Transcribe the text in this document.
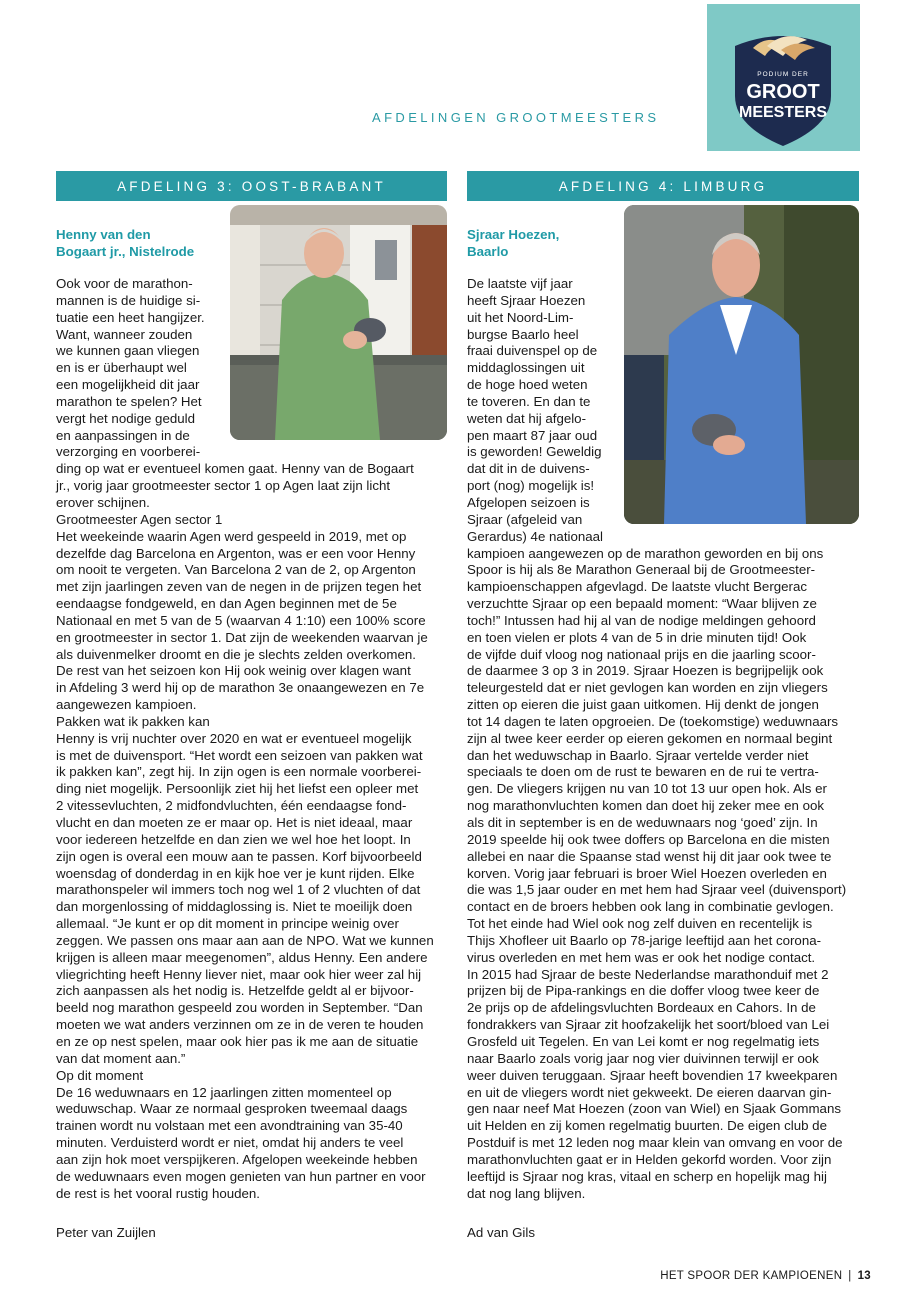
AFDELINGEN GROOTMEESTERS
PODIUM DER
GROOT
MEESTERS
AFDELING 3: OOST-BRABANT	AFDELING 4: LIMBURG
Henny van den
Bogaart jr., Nistelrode
Sjraar Hoezen,
Baarlo
Ook voor de marathon-
mannen is de huidige si-
tuatie een heet hangijzer.
Want, wanneer zouden
we kunnen gaan vliegen
en is er überhaupt wel
een mogelijkheid dit jaar
marathon te spelen? Het
vergt het nodige geduld
en aanpassingen in de
verzorging en voorberei-
ding op wat er eventueel komen gaat. Henny van de Bogaart
jr., vorig jaar grootmeester sector 1 op Agen laat zijn licht
erover schijnen.
Grootmeester Agen sector 1
Het weekeinde waarin Agen werd gespeeld in 2019, met op
dezelfde dag Barcelona en Argenton, was er een voor Henny
om nooit te vergeten. Van Barcelona 2 van de 2, op Argenton
met zijn jaarlingen zeven van de negen in de prijzen tegen het
eendaagse fondgeweld, en dan Agen beginnen met de 5e
Nationaal en met 5 van de 5 (waarvan 4 1:10) een 100% score
en grootmeester in sector 1. Dat zijn de weekenden waarvan je
als duivenmelker droomt en die je slechts zelden overkomen.
De rest van het seizoen kon Hij ook weinig over klagen want
in Afdeling 3 werd hij op de marathon 3e onaangewezen en 7e
aangewezen kampioen.
Pakken wat ik pakken kan
Henny is vrij nuchter over 2020 en wat er eventueel mogelijk
is met de duivensport. “Het wordt een seizoen van pakken wat
ik pakken kan”, zegt hij. In zijn ogen is een normale voorberei-
ding niet mogelijk. Persoonlijk ziet hij het liefst een opleer met
2 vitessevluchten, 2 midfondvluchten, één eendaagse fond-
vlucht en dan moeten ze er maar op. Het is niet ideaal, maar
voor iedereen hetzelfde en dan zien we wel hoe het loopt. In
zijn ogen is overal een mouw aan te passen. Korf bijvoorbeeld
woensdag of donderdag in en kijk hoe ver je kunt rijden. Elke
marathonspeler wil immers toch nog wel 1 of 2 vluchten of dat
dan morgenlossing of middaglossing is. Niet te moeilijk doen
allemaal. “Je kunt er op dit moment in principe weinig over
zeggen. We passen ons maar aan aan de NPO. Wat we kunnen
krijgen is alleen maar meegenomen”, aldus Henny. Een andere
vliegrichting heeft Henny liever niet, maar ook hier weer zal hij
zich aanpassen als het nodig is. Hetzelfde geldt al er bijvoor-
beeld nog marathon gespeeld zou worden in September. “Dan
moeten we wat anders verzinnen om ze in de veren te houden
en ze op nest spelen, maar ook hier pas ik me aan de situatie
van dat moment aan.”
Op dit moment
De 16 weduwnaars en 12 jaarlingen zitten momenteel op
weduwschap. Waar ze normaal gesproken tweemaal daags
trainen wordt nu volstaan met een avondtraining van 35-40
minuten. Verduisterd wordt er niet, omdat hij anders te veel
aan zijn hok moet verspijkeren. Afgelopen weekeinde hebben
de weduwnaars even mogen genieten van hun partner en voor
de rest is het vooral rustig houden.
Peter van Zuijlen
De laatste vijf jaar
heeft Sjraar Hoezen
uit het Noord-Lim-
burgse Baarlo heel
fraai duivenspel op de
middaglossingen uit
de hoge hoed weten
te toveren. En dan te
weten dat hij afgelo-
pen maart 87 jaar oud
is geworden! Geweldig
dat dit in de duivens-
port (nog) mogelijk is!
Afgelopen seizoen is
Sjraar (afgeleid van
Gerardus) 4e nationaal
kampioen aangewezen op de marathon geworden en bij ons
Spoor is hij als 8e Marathon Generaal bij de Grootmeester-
kampioenschappen afgevlagd. De laatste vlucht Bergerac
verzuchtte Sjraar op een bepaald moment: “Waar blijven ze
toch!” Intussen had hij al van de nodige meldingen gehoord
en toen vielen er plots 4 van de 5 in drie minuten tijd! Ook
de vijfde duif vloog nog nationaal prijs en die jaarling scoor-
de daarmee 3 op 3 in 2019. Sjraar Hoezen is begrijpelijk ook
teleurgesteld dat er niet gevlogen kan worden en zijn vliegers
zitten op eieren die juist gaan uitkomen. Hij denkt de jongen
tot 14 dagen te laten opgroeien. De (toekomstige) weduwnaars
zijn al twee keer eerder op eieren gekomen en normaal begint
dan het weduwschap in Baarlo. Sjraar vertelde verder niet
speciaals te doen om de rust te bewaren en de rui te vertra-
gen. De vliegers krijgen nu van 10 tot 13 uur open hok. Als er
nog marathonvluchten komen dan doet hij zeker mee en ook
als dit in september is en de weduwnaars nog ‘goed’ zijn. In
2019 speelde hij ook twee doffers op Barcelona en die misten
allebei en naar die Spaanse stad wenst hij dit jaar ook twee te
korven. Vorig jaar februari is broer Wiel Hoezen overleden en
die was 1,5 jaar ouder en met hem had Sjraar veel (duivensport)
contact en de broers hebben ook lang in combinatie gevlogen.
Tot het einde had Wiel ook nog zelf duiven en recentelijk is
Thijs Xhofleer uit Baarlo op 78-jarige leeftijd aan het corona-
virus overleden en met hem was er ook het nodige contact.
In 2015 had Sjraar de beste Nederlandse marathonduif met 2
prijzen bij de Pipa-rankings en die doffer vloog twee keer de
2e prijs op de afdelingsvluchten Bordeaux en Cahors. In de
fondrakkers van Sjraar zit hoofzakelijk het soort/bloed van Lei
Grosfeld uit Tegelen. En van Lei komt er nog regelmatig iets
naar Baarlo zoals vorig jaar nog vier duivinnen terwijl er ook
weer duiven teruggaan. Sjraar heeft bovendien 17 kweekparen
en uit de vliegers wordt niet gekweekt. De eieren daarvan gin-
gen naar neef Mat Hoezen (zoon van Wiel) en Sjaak Gommans
uit Helden en zij komen regelmatig buurten. De eigen club de
Postduif is met 12 leden nog maar klein van omvang en voor de
marathonvluchten gaat er in Helden gekorfd worden. Voor zijn
leeftijd is Sjraar nog kras, vitaal en scherp en hopelijk mag hij
dat nog lang blijven.
Ad van Gils
HET SPOOR DER KAMPIOENEN | 13
